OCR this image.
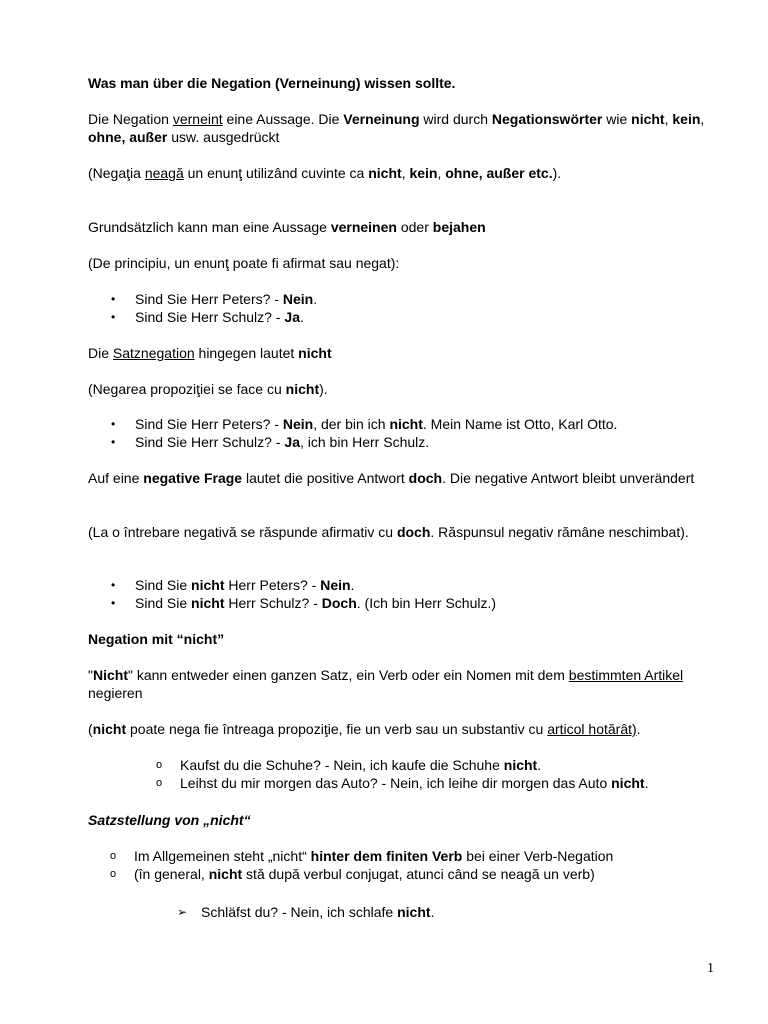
Was man über die Negation (Verneinung) wissen sollte.

Die Negation verneint eine Aussage. Die Verneinung wird durch Negationswörter wie nicht, kein, ohne, außer usw. ausgedrückt

(Negaţia neagă un enunţ utilizând cuvinte ca nicht, kein, ohne, außer etc.).

Grundsätzlich kann man eine Aussage verneinen oder bejahen

(De principiu, un enunţ poate fi afirmat sau negat):

• Sind Sie Herr Peters? - Nein.
• Sind Sie Herr Schulz? - Ja.

Die Satznegation hingegen lautet nicht

(Negarea propoziţiei se face cu nicht).

• Sind Sie Herr Peters? - Nein, der bin ich nicht. Mein Name ist Otto, Karl Otto.
• Sind Sie Herr Schulz? - Ja, ich bin Herr Schulz.

Auf eine negative Frage lautet die positive Antwort doch. Die negative Antwort bleibt unverändert

(La o întrebare negativă se răspunde afirmativ cu doch. Răspunsul negativ rămâne neschimbat).

• Sind Sie nicht Herr Peters? - Nein.
• Sind Sie nicht Herr Schulz? - Doch. (Ich bin Herr Schulz.)

Negation mit “nicht”

"Nicht" kann entweder einen ganzen Satz, ein Verb oder ein Nomen mit dem bestimmten Artikel negieren

(nicht poate nega fie întreaga propoziţie, fie un verb sau un substantiv cu articol hotărât).

o Kaufst du die Schuhe? - Nein, ich kaufe die Schuhe nicht.
o Leihst du mir morgen das Auto? - Nein, ich leihe dir morgen das Auto nicht.

Satzstellung von „nicht“

o Im Allgemeinen steht „nicht“ hinter dem finiten Verb bei einer Verb-Negation
o (în general, nicht stă după verbul conjugat, atunci când se neagă un verb)
➢ Schläfst du? - Nein, ich schlafe nicht.
1
